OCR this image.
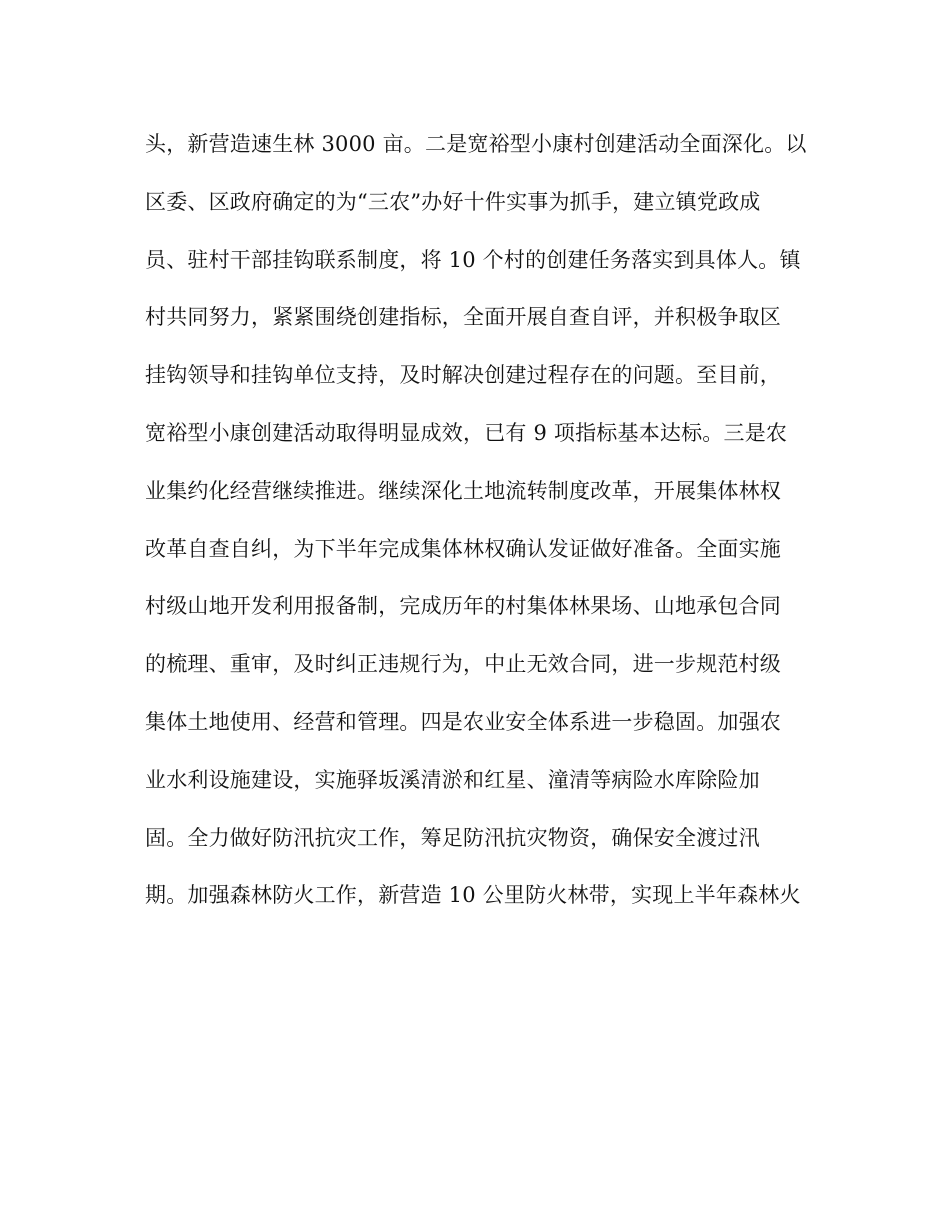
头，新营造速生林 3000 亩。二是宽裕型小康村创建活动全面深化。以
区委、区政府确定的为“三农”办好十件实事为抓手，建立镇党政成
员、驻村干部挂钩联系制度，将 10 个村的创建任务落实到具体人。镇
村共同努力，紧紧围绕创建指标，全面开展自查自评，并积极争取区
挂钩领导和挂钩单位支持，及时解决创建过程存在的问题。至目前，
宽裕型小康创建活动取得明显成效，已有 9 项指标基本达标。三是农
业集约化经营继续推进。继续深化土地流转制度改革，开展集体林权
改革自查自纠，为下半年完成集体林权确认发证做好准备。全面实施
村级山地开发利用报备制，完成历年的村集体林果场、山地承包合同
的梳理、重审，及时纠正违规行为，中止无效合同，进一步规范村级
集体土地使用、经营和管理。四是农业安全体系进一步稳固。加强农
业水利设施建设，实施驿坂溪清淤和红星、潼清等病险水库除险加
固。全力做好防汛抗灾工作，筹足防汛抗灾物资，确保安全渡过汛
期。加强森林防火工作，新营造 10 公里防火林带，实现上半年森林火
